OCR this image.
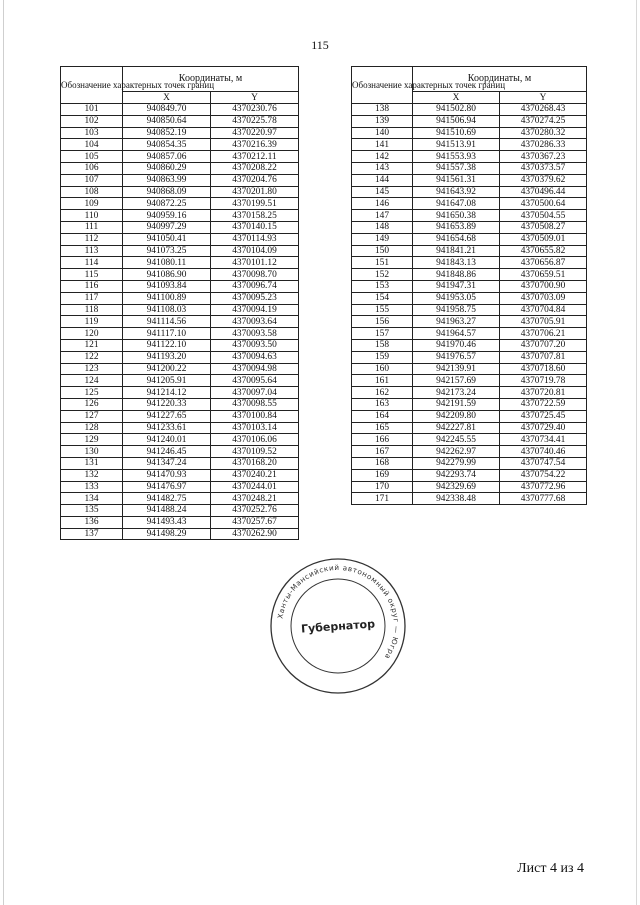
115
Обозначение характерных точек границ	Координаты, м	
	X	Y
101	940849.70	4370230.76
102	940850.64	4370225.78
103	940852.19	4370220.97
104	940854.35	4370216.39
105	940857.06	4370212.11
106	940860.29	4370208.22
107	940863.99	4370204.76
108	940868.09	4370201.80
109	940872.25	4370199.51
110	940959.16	4370158.25
111	940997.29	4370140.15
112	941050.41	4370114.93
113	941073.25	4370104.09
114	941080.11	4370101.12
115	941086.90	4370098.70
116	941093.84	4370096.74
117	941100.89	4370095.23
118	941108.03	4370094.19
119	941114.56	4370093.64
120	941117.10	4370093.58
121	941122.10	4370093.50
122	941193.20	4370094.63
123	941200.22	4370094.98
124	941205.91	4370095.64
125	941214.12	4370097.04
126	941220.33	4370098.55
127	941227.65	4370100.84
128	941233.61	4370103.14
129	941240.01	4370106.06
130	941246.45	4370109.52
131	941347.24	4370168.20
132	941470.93	4370240.21
133	941476.97	4370244.01
134	941482.75	4370248.21
135	941488.24	4370252.76
136	941493.43	4370257.67
137	941498.29	4370262.90
Обозначение характерных точек границ	Координаты, м	
	X	Y
138	941502.80	4370268.43
139	941506.94	4370274.25
140	941510.69	4370280.32
141	941513.91	4370286.33
142	941553.93	4370367.23
143	941557.38	4370373.57
144	941561.31	4370379.62
145	941643.92	4370496.44
146	941647.08	4370500.64
147	941650.38	4370504.55
148	941653.89	4370508.27
149	941654.68	4370509.01
150	941841.21	4370655.82
151	941843.13	4370656.87
152	941848.86	4370659.51
153	941947.31	4370700.90
154	941953.05	4370703.09
155	941958.75	4370704.84
156	941963.27	4370705.91
157	941964.57	4370706.21
158	941970.46	4370707.20
159	941976.57	4370707.81
160	942139.91	4370718.60
161	942157.69	4370719.78
162	942173.24	4370720.81
163	942191.59	4370722.59
164	942209.80	4370725.45
165	942227.81	4370729.40
166	942245.55	4370734.41
167	942262.97	4370740.46
168	942279.99	4370747.54
169	942293.74	4370754.22
170	942329.69	4370772.96
171	942338.48	4370777.68
Ханты-Мансийский автономный округ — Югра
Губернатор
Лист 4 из 4
